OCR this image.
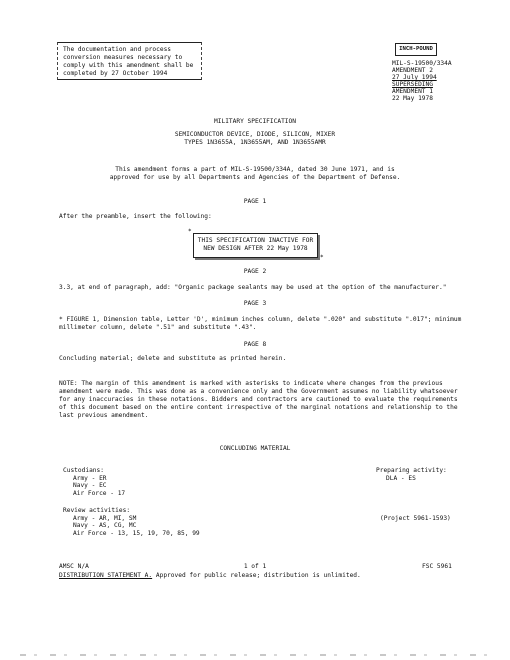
The documentation and process
conversion measures necessary to
comply with this amendment shall be
completed by 27 October 1994
INCH-POUND
MIL-S-19500/334A
AMENDMENT 2
27 July 1994
SUPERSEDING
AMENDMENT 1
22 May 1978
MILITARY SPECIFICATION
SEMICONDUCTOR DEVICE, DIODE, SILICON, MIXER
TYPES 1N3655A, 1N3655AM, AND 1N3655AMR
This amendment forms a part of MIL-S-19500/334A, dated 30 June 1971, and is
approved for use by all Departments and Agencies of the Department of Defense.
PAGE 1
After the preamble, insert the following:
*
THIS SPECIFICATION INACTIVE FOR
NEW DESIGN AFTER 22 May 1978
*
PAGE 2
3.3, at end of paragraph, add: "Organic package sealants may be used at the option of the manufacturer."
PAGE 3
* FIGURE 1, Dimension table, Letter 'D', minimum inches column, delete ".020" and substitute ".017"; minimum
millimeter column, delete ".51" and substitute ".43".
PAGE 8
Concluding material; delete and substitute as printed herein.
NOTE: The margin of this amendment is marked with asterisks to indicate where changes from the previous
amendment were made. This was done as a convenience only and the Government assumes no liability whatsoever
for any inaccuracies in these notations. Bidders and contractors are cautioned to evaluate the requirements
of this document based on the entire content irrespective of the marginal notations and relationship to the
last previous amendment.
CONCLUDING MATERIAL
Custodians:
Army - ER
Navy - EC
Air Force - 17
Review activities:
Army - AR, MI, SM
Navy - AS, CG, MC
Air Force - 13, 15, 19, 70, 85, 99
Preparing activity:
DLA - ES
(Project 5961-1593)
AMSC N/A	1 of 1	FSC 5961
DISTRIBUTION STATEMENT A. Approved for public release; distribution is unlimited.
